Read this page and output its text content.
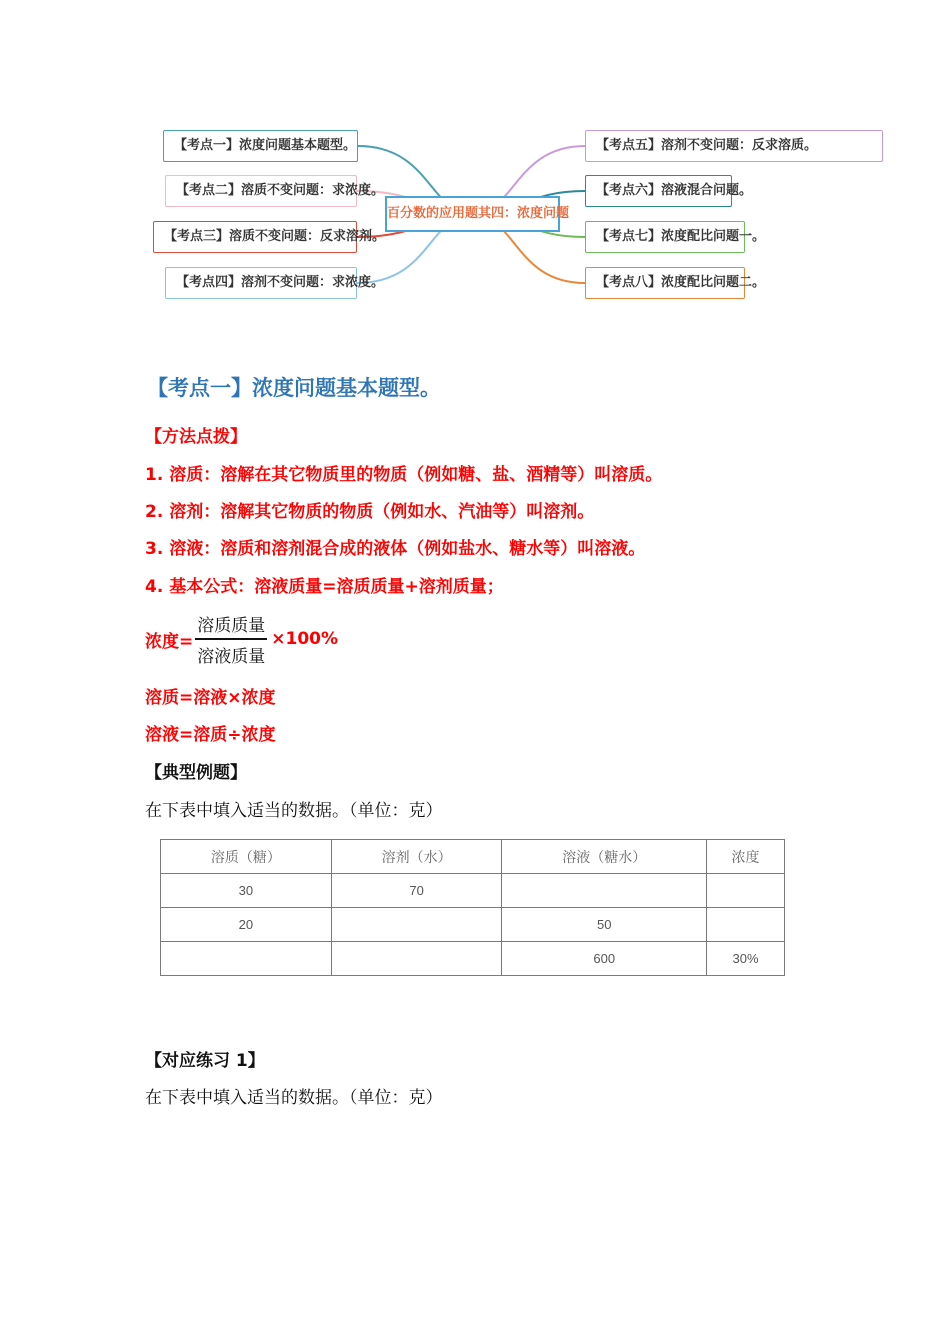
百分数的应用题其四：浓度问题
【考点一】浓度问题基本题型。
【考点二】溶质不变问题：求浓度。
【考点三】溶质不变问题：反求溶剂。
【考点四】溶剂不变问题：求浓度。
【考点五】溶剂不变问题：反求溶质。
【考点六】溶液混合问题。
【考点七】浓度配比问题一。
【考点八】浓度配比问题二。
【考点一】浓度问题基本题型。
【方法点拨】
1. 溶质：溶解在其它物质里的物质（例如糖、盐、酒精等）叫溶质。
2. 溶剂：溶解其它物质的物质（例如水、汽油等）叫溶剂。
3. 溶液：溶质和溶剂混合成的液体（例如盐水、糖水等）叫溶液。
4. 基本公式：溶液质量=溶质质量+溶剂质量；
浓度= $\frac{\text{溶质质量}}{\text{溶液质量}} \times 100\%$
溶质=溶液×浓度
溶液=溶质÷浓度
【典型例题】
在下表中填入适当的数据。（单位：克）
溶质（糖）	溶剂（水）	溶液（糖水）	浓度
30	70		
20		50	
		600	30%
【对应练习 1】
在下表中填入适当的数据。（单位：克）
